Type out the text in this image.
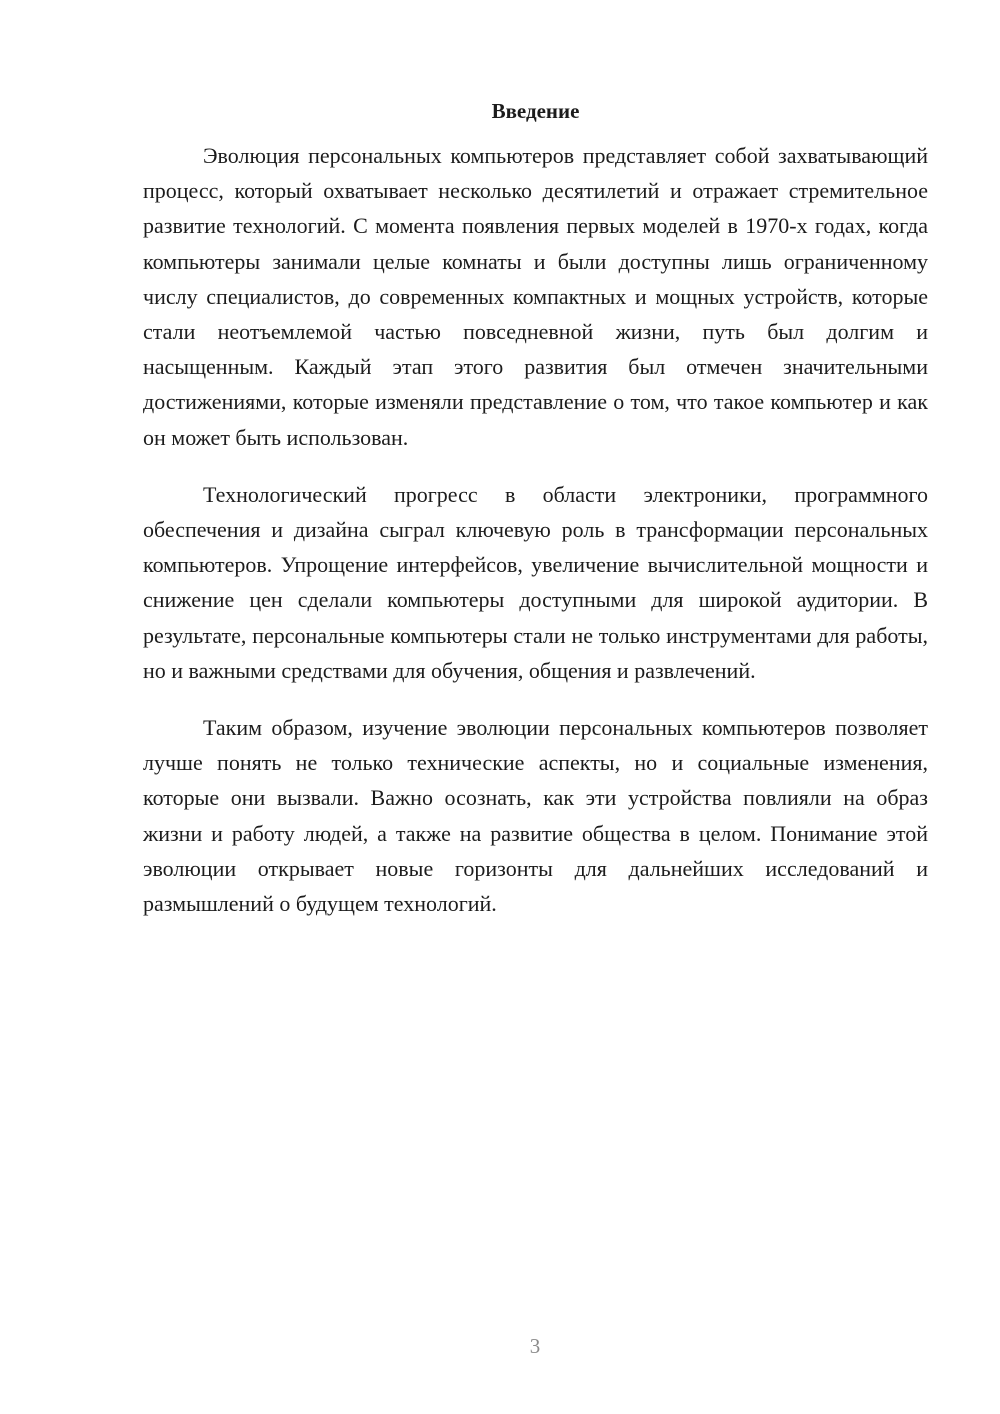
Введение

Эволюция персональных компьютеров представляет собой захватывающий процесс, который охватывает несколько десятилетий и отражает стремительное развитие технологий. С момента появления первых моделей в 1970-х годах, когда компьютеры занимали целые комнаты и были доступны лишь ограниченному числу специалистов, до современных компактных и мощных устройств, которые стали неотъемлемой частью повседневной жизни, путь был долгим и насыщенным. Каждый этап этого развития был отмечен значительными достижениями, которые изменяли представление о том, что такое компьютер и как он может быть использован.

Технологический прогресс в области электроники, программного обеспечения и дизайна сыграл ключевую роль в трансформации персональных компьютеров. Упрощение интерфейсов, увеличение вычислительной мощности и снижение цен сделали компьютеры доступными для широкой аудитории. В результате, персональные компьютеры стали не только инструментами для работы, но и важными средствами для обучения, общения и развлечений.

Таким образом, изучение эволюции персональных компьютеров позволяет лучше понять не только технические аспекты, но и социальные изменения, которые они вызвали. Важно осознать, как эти устройства повлияли на образ жизни и работу людей, а также на развитие общества в целом. Понимание этой эволюции открывает новые горизонты для дальнейших исследований и размышлений о будущем технологий.

3
